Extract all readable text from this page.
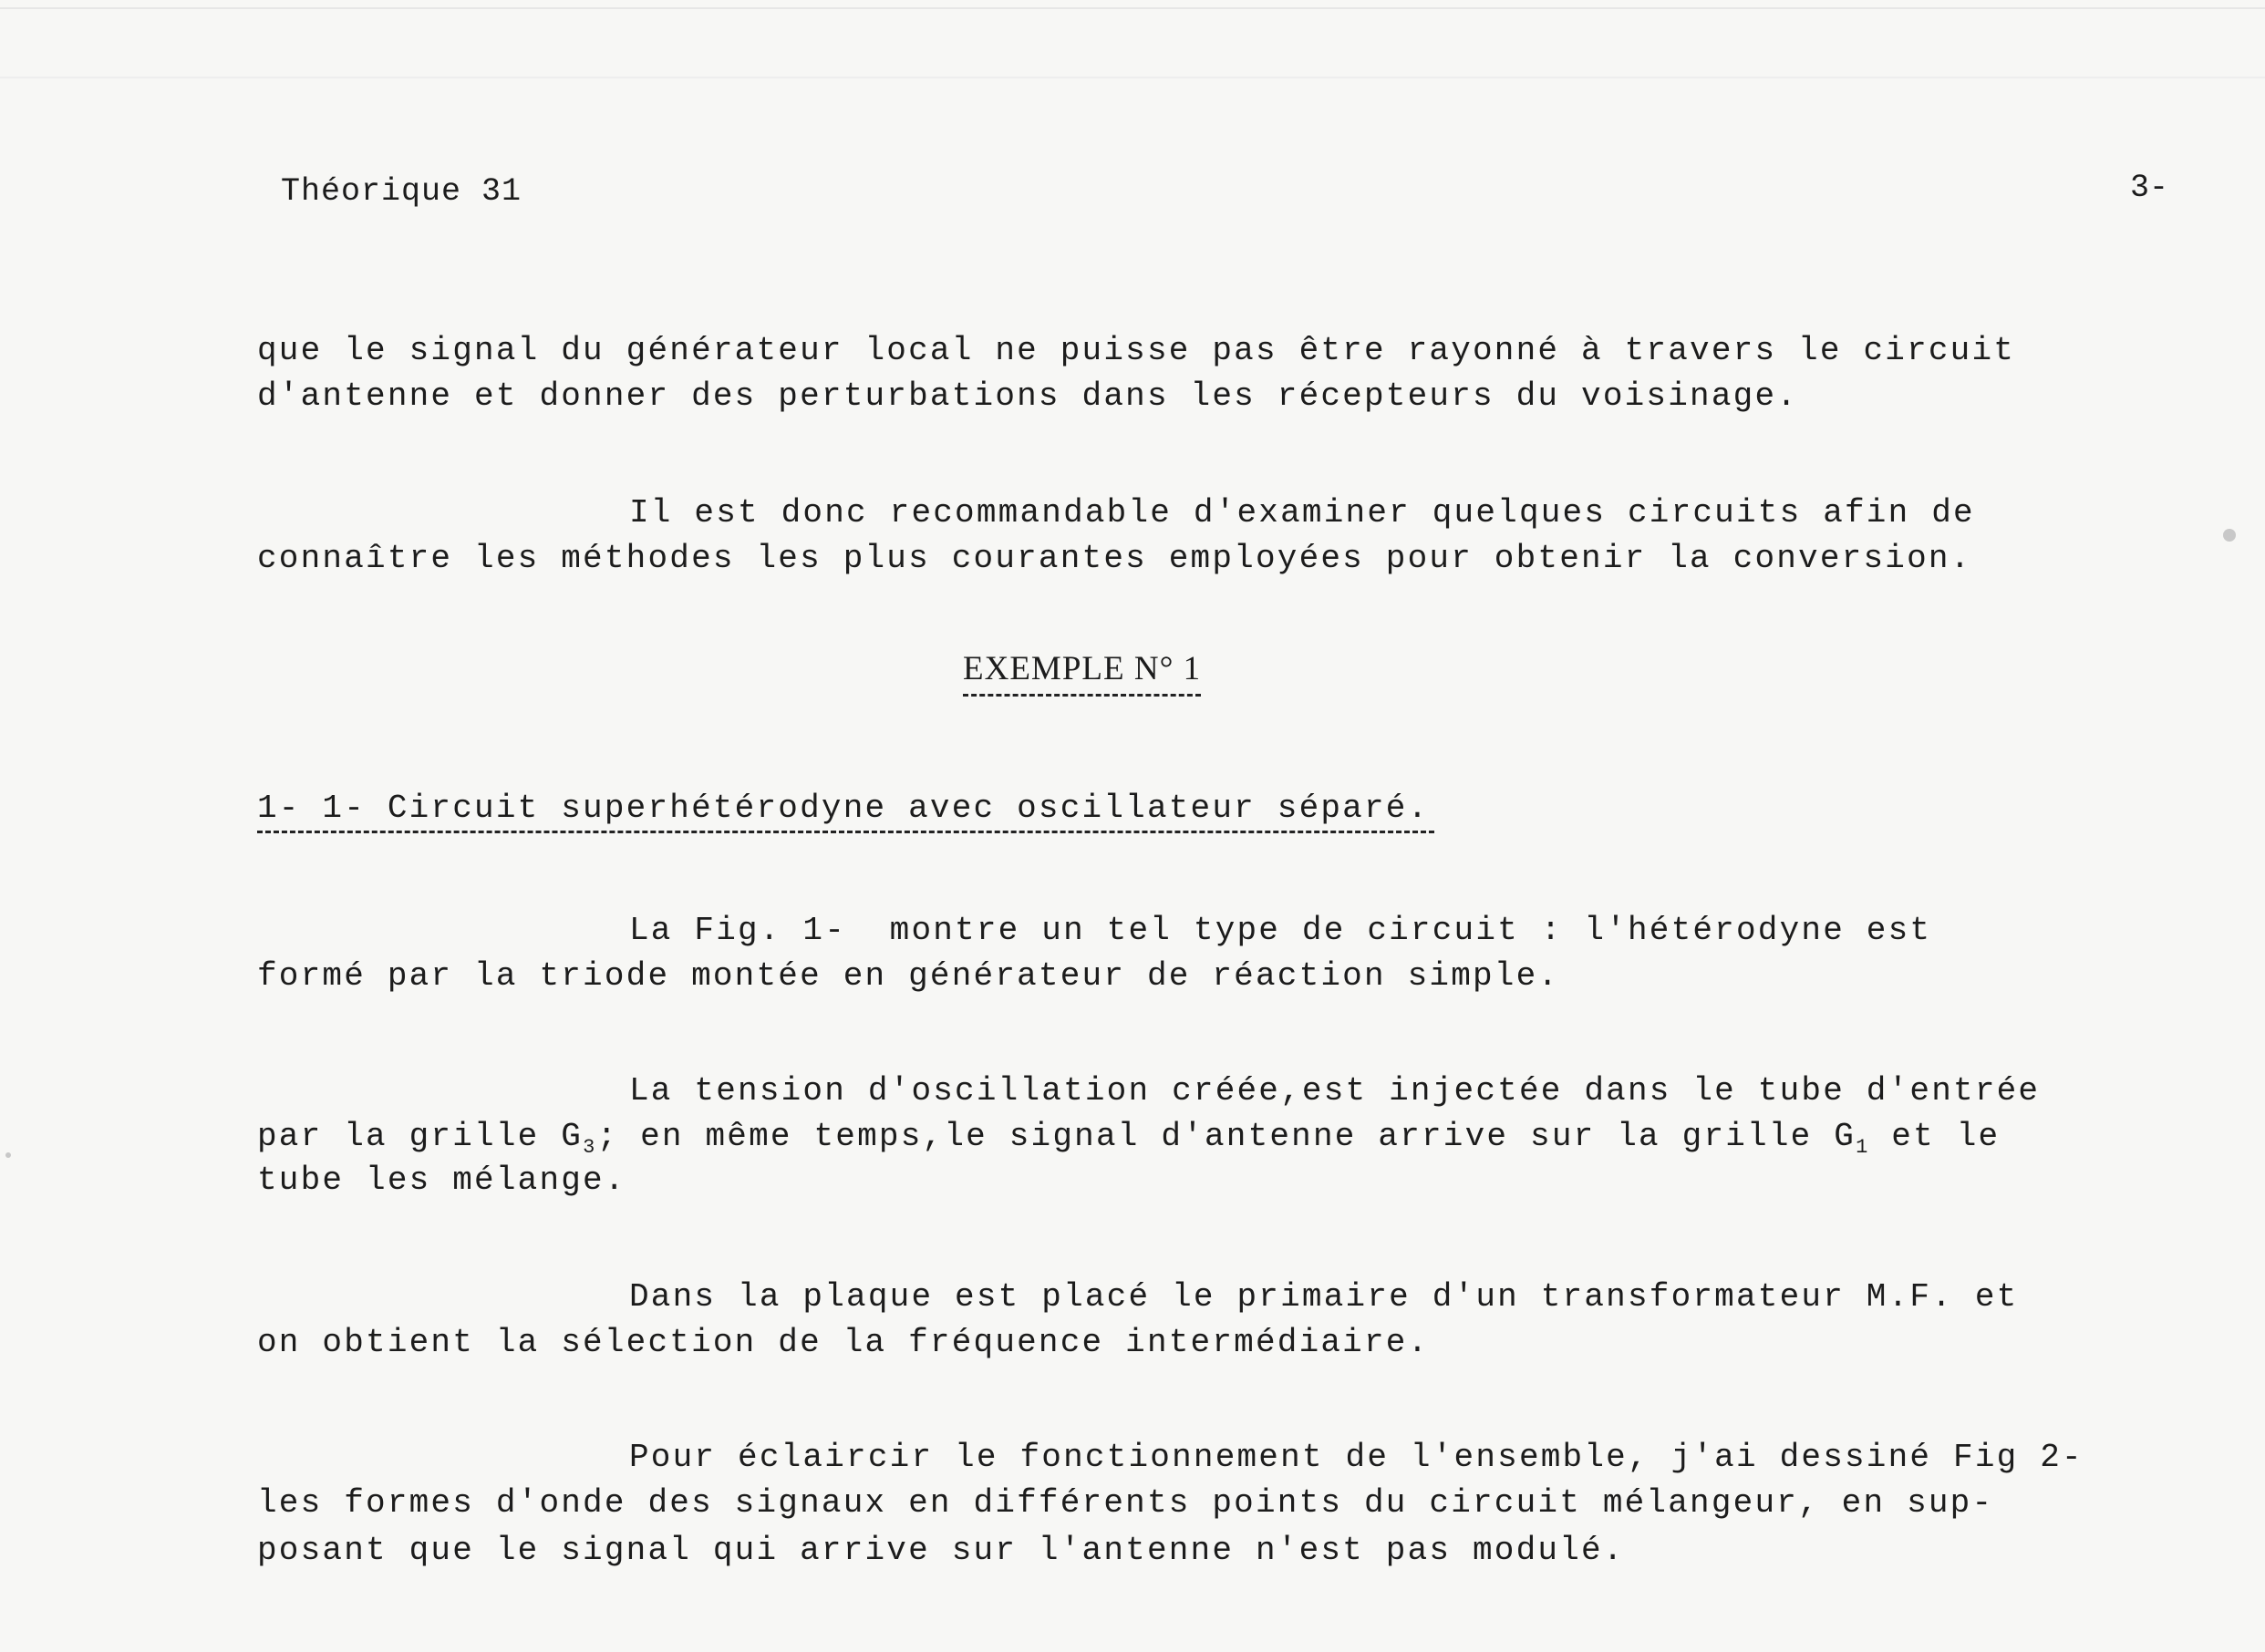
Théorique 31	3-
que le signal du générateur local ne puisse pas être rayonné à travers le circuit
d'antenne et donner des perturbations dans les récepteurs du voisinage.
Il est donc recommandable d'examiner quelques circuits afin de
connaître les méthodes les plus courantes employées pour obtenir la conversion.
EXEMPLE N° 1
1- 1- Circuit superhétérodyne avec oscillateur séparé.
La Fig. 1-  montre un tel type de circuit : l'hétérodyne est
formé par la triode montée en générateur de réaction simple.
La tension d'oscillation créée,est injectée dans le tube d'entrée
par la grille $G_3$; en même temps,le signal d'antenne arrive sur la grille $G_1$ et le
tube les mélange.
Dans la plaque est placé le primaire d'un transformateur M.F. et
on obtient la sélection de la fréquence intermédiaire.
Pour éclaircir le fonctionnement de l'ensemble, j'ai dessiné Fig 2-
les formes d'onde des signaux en différents points du circuit mélangeur, en sup-
posant que le signal qui arrive sur l'antenne n'est pas modulé.
